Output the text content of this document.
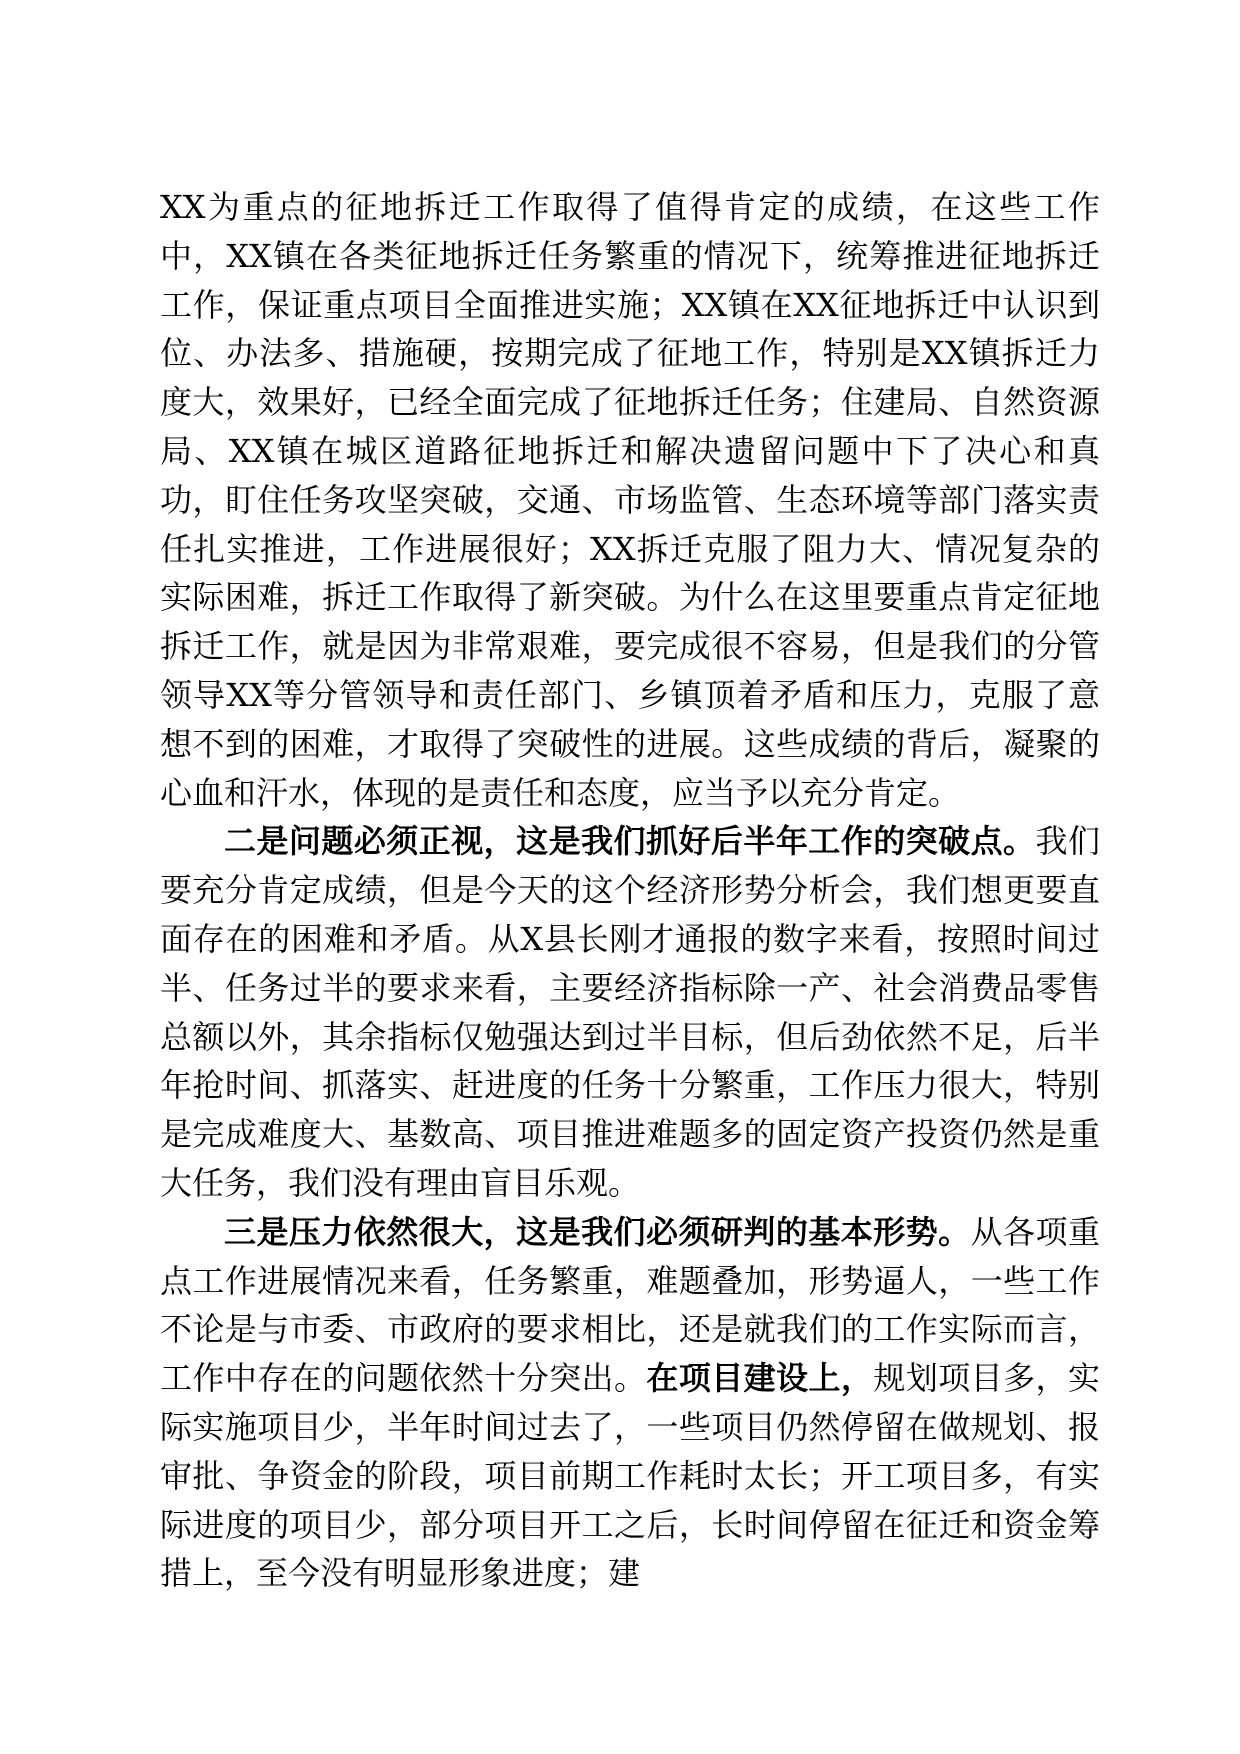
XX为重点的征地拆迁工作取得了值得肯定的成绩，在这些工作中，XX镇在各类征地拆迁任务繁重的情况下，统筹推进征地拆迁工作，保证重点项目全面推进实施；XX镇在XX征地拆迁中认识到位、办法多、措施硬，按期完成了征地工作，特别是XX镇拆迁力度大，效果好，已经全面完成了征地拆迁任务；住建局、自然资源局、XX镇在城区道路征地拆迁和解决遗留问题中下了决心和真功，盯住任务攻坚突破，交通、市场监管、生态环境等部门落实责任扎实推进，工作进展很好；XX拆迁克服了阻力大、情况复杂的实际困难，拆迁工作取得了新突破。为什么在这里要重点肯定征地拆迁工作，就是因为非常艰难，要完成很不容易，但是我们的分管领导XX等分管领导和责任部门、乡镇顶着矛盾和压力，克服了意想不到的困难，才取得了突破性的进展。这些成绩的背后，凝聚的心血和汗水，体现的是责任和态度，应当予以充分肯定。

二是问题必须正视，这是我们抓好后半年工作的突破点。我们要充分肯定成绩，但是今天的这个经济形势分析会，我们想更要直面存在的困难和矛盾。从X县长刚才通报的数字来看，按照时间过半、任务过半的要求来看，主要经济指标除一产、社会消费品零售总额以外，其余指标仅勉强达到过半目标，但后劲依然不足，后半年抢时间、抓落实、赶进度的任务十分繁重，工作压力很大，特别是完成难度大、基数高、项目推进难题多的固定资产投资仍然是重大任务，我们没有理由盲目乐观。

三是压力依然很大，这是我们必须研判的基本形势。从各项重点工作进展情况来看，任务繁重，难题叠加，形势逼人，一些工作不论是与市委、市政府的要求相比，还是就我们的工作实际而言，工作中存在的问题依然十分突出。在项目建设上，规划项目多，实际实施项目少，半年时间过去了，一些项目仍然停留在做规划、报审批、争资金的阶段，项目前期工作耗时太长；开工项目多，有实际进度的项目少，部分项目开工之后，长时间停留在征迁和资金筹措上，至今没有明显形象进度；建
